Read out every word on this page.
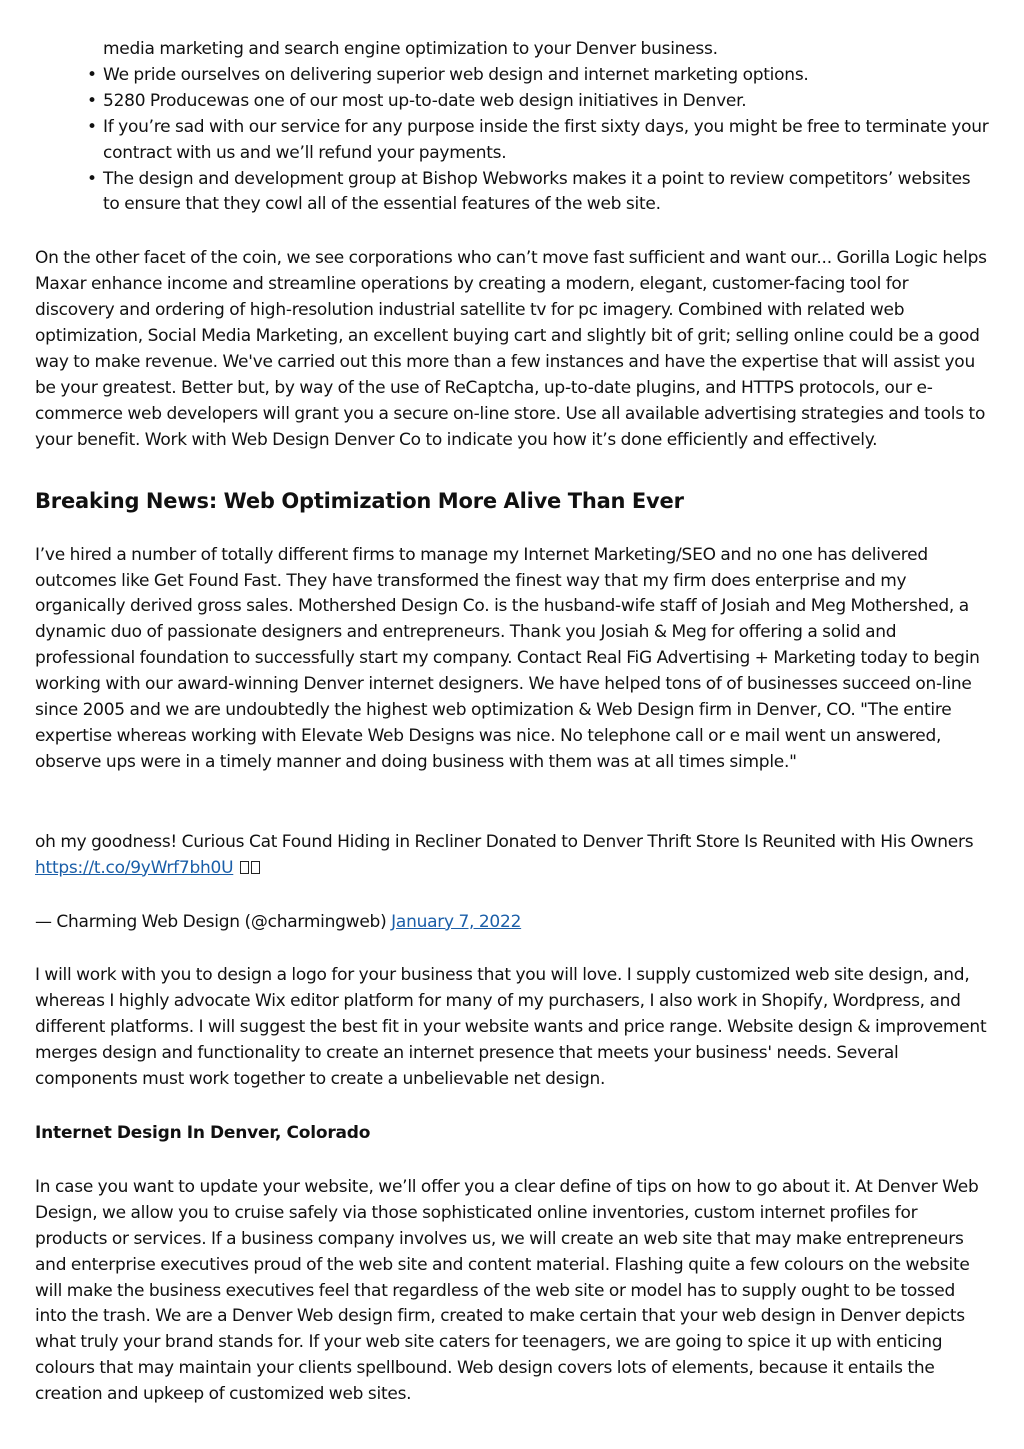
media marketing and search engine optimization to your Denver business.

• We pride ourselves on delivering superior web design and internet marketing options.
• 5280 Producewas one of our most up-to-date web design initiatives in Denver.
• If you’re sad with our service for any purpose inside the first sixty days, you might be free to terminate your contract with us and we’ll refund your payments.
• The design and development group at Bishop Webworks makes it a point to review competitors’ websites to ensure that they cowl all of the essential features of the web site.

On the other facet of the coin, we see corporations who can’t move fast sufficient and want our... Gorilla Logic helps Maxar enhance income and streamline operations by creating a modern, elegant, customer-facing tool for discovery and ordering of high-resolution industrial satellite tv for pc imagery. Combined with related web optimization, Social Media Marketing, an excellent buying cart and slightly bit of grit; selling online could be a good way to make revenue. We've carried out this more than a few instances and have the expertise that will assist you be your greatest. Better but, by way of the use of ReCaptcha, up-to-date plugins, and HTTPS protocols, our e-commerce web developers will grant you a secure on-line store. Use all available advertising strategies and tools to your benefit. Work with Web Design Denver Co to indicate you how it’s done efficiently and effectively.

Breaking News: Web Optimization More Alive Than Ever

I’ve hired a number of totally different firms to manage my Internet Marketing/SEO and no one has delivered outcomes like Get Found Fast. They have transformed the finest way that my firm does enterprise and my organically derived gross sales. Mothershed Design Co. is the husband-wife staff of Josiah and Meg Mothershed, a dynamic duo of passionate designers and entrepreneurs. Thank you Josiah & Meg for offering a solid and professional foundation to successfully start my company. Contact Real FiG Advertising + Marketing today to begin working with our award-winning Denver internet designers. We have helped tons of of businesses succeed on-line since 2005 and we are undoubtedly the highest web optimization & Web Design firm in Denver, CO. "The entire expertise whereas working with Elevate Web Designs was nice. No telephone call or e mail went un answered, observe ups were in a timely manner and doing business with them was at all times simple."

oh my goodness! Curious Cat Found Hiding in Recliner Donated to Denver Thrift Store Is Reunited with His Owners https://t.co/9yWrf7bh0U

— Charming Web Design (@charmingweb) January 7, 2022

I will work with you to design a logo for your business that you will love. I supply customized web site design, and, whereas I highly advocate Wix editor platform for many of my purchasers, I also work in Shopify, Wordpress, and different platforms. I will suggest the best fit in your website wants and price range. Website design & improvement merges design and functionality to create an internet presence that meets your business' needs. Several components must work together to create a unbelievable net design.

Internet Design In Denver, Colorado

In case you want to update your website, we’ll offer you a clear define of tips on how to go about it. At Denver Web Design, we allow you to cruise safely via those sophisticated online inventories, custom internet profiles for products or services. If a business company involves us, we will create an web site that may make entrepreneurs and enterprise executives proud of the web site and content material. Flashing quite a few colours on the website will make the business executives feel that regardless of the web site or model has to supply ought to be tossed into the trash. We are a Denver Web design firm, created to make certain that your web design in Denver depicts what truly your brand stands for. If your web site caters for teenagers, we are going to spice it up with enticing colours that may maintain your clients spellbound. Web design covers lots of elements, because it entails the creation and upkeep of customized web sites.
